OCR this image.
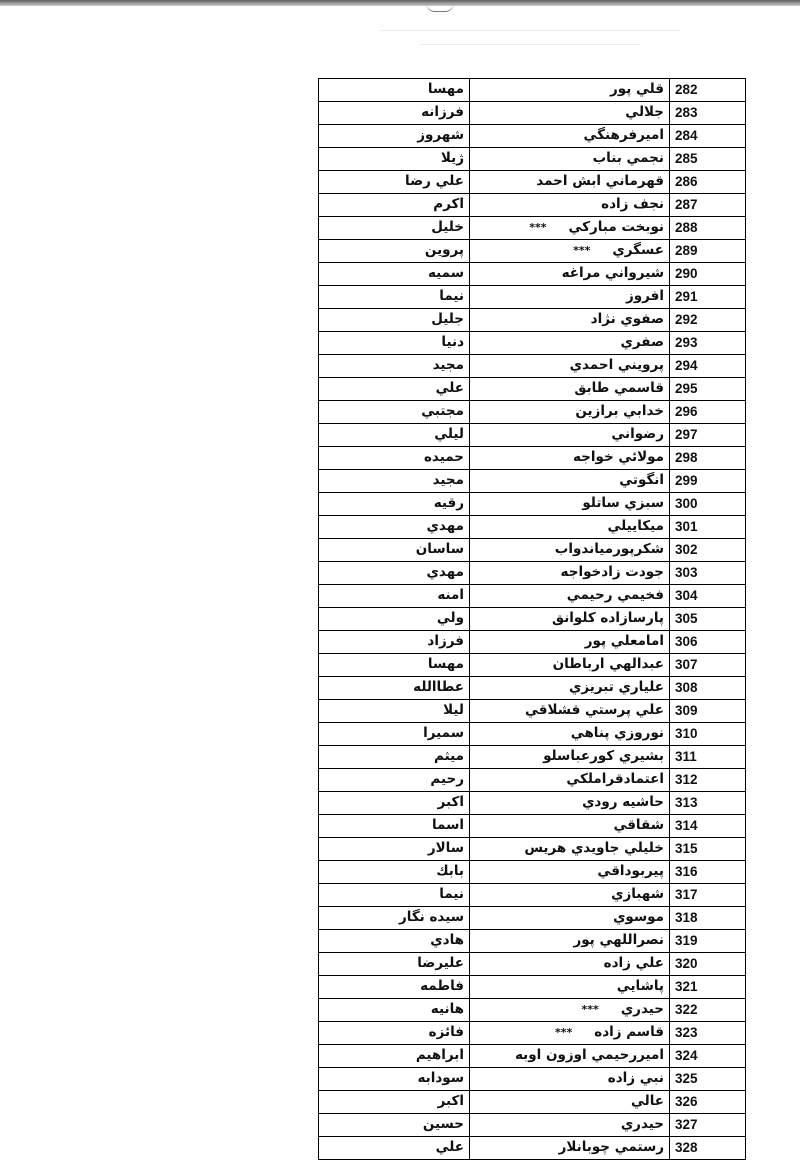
مهسا	قلي پور	282
فرزانه	جلالي	283
شهروز	اميرفرهنگي	284
ژيلا	نجمي بناب	285
علي رضا	قهرماني ابش احمد	286
اكرم	نجف زاده	287
خليل	نوبخت مباركي***	288
پروين	عسگري***	289
سميه	شيرواني مراغه	290
نيما	افروز	291
جليل	صفوي نژاد	292
دنيا	صفري	293
مجيد	پرويني احمدي	294
علي	قاسمي طابق	295
مجتبي	خدابي برازين	296
ليلي	رضواني	297
حميده	مولائي خواجه	298
مجيد	انگوتي	299
رقيه	سبزي ساتلو	300
مهدي	ميكاييلي	301
ساسان	شكرپورمياندواب	302
مهدي	جودت زادخواجه	303
امنه	فخيمي رحيمي	304
ولي	پارسازاده كلوانق	305
فرزاد	امامعلي پور	306
مهسا	عبدالهي ارباطان	307
عطاالله	علياري تبريزي	308
ليلا	علي پرستي قشلاقي	309
سميرا	نوروزي پناهي	310
ميثم	بشيري كورعباسلو	311
رحيم	اعتمادقراملكي	312
اكبر	حاشيه رودي	313
اسما	شقاقي	314
سالار	خليلي جاويدي هريس	315
بابك	پيربوداقي	316
نيما	شهبازي	317
سيده نگار	موسوي	318
هادي	نصراللهي پور	319
عليرضا	علي زاده	320
فاطمه	پاشايي	321
هانيه	حيدري***	322
فائزه	قاسم زاده***	323
ابراهيم	اميررحيمي اوزون اوبه	324
سودابه	نبي زاده	325
اكبر	عالي	326
حسين	حيدري	327
علي	رستمي چوبانلار	328
